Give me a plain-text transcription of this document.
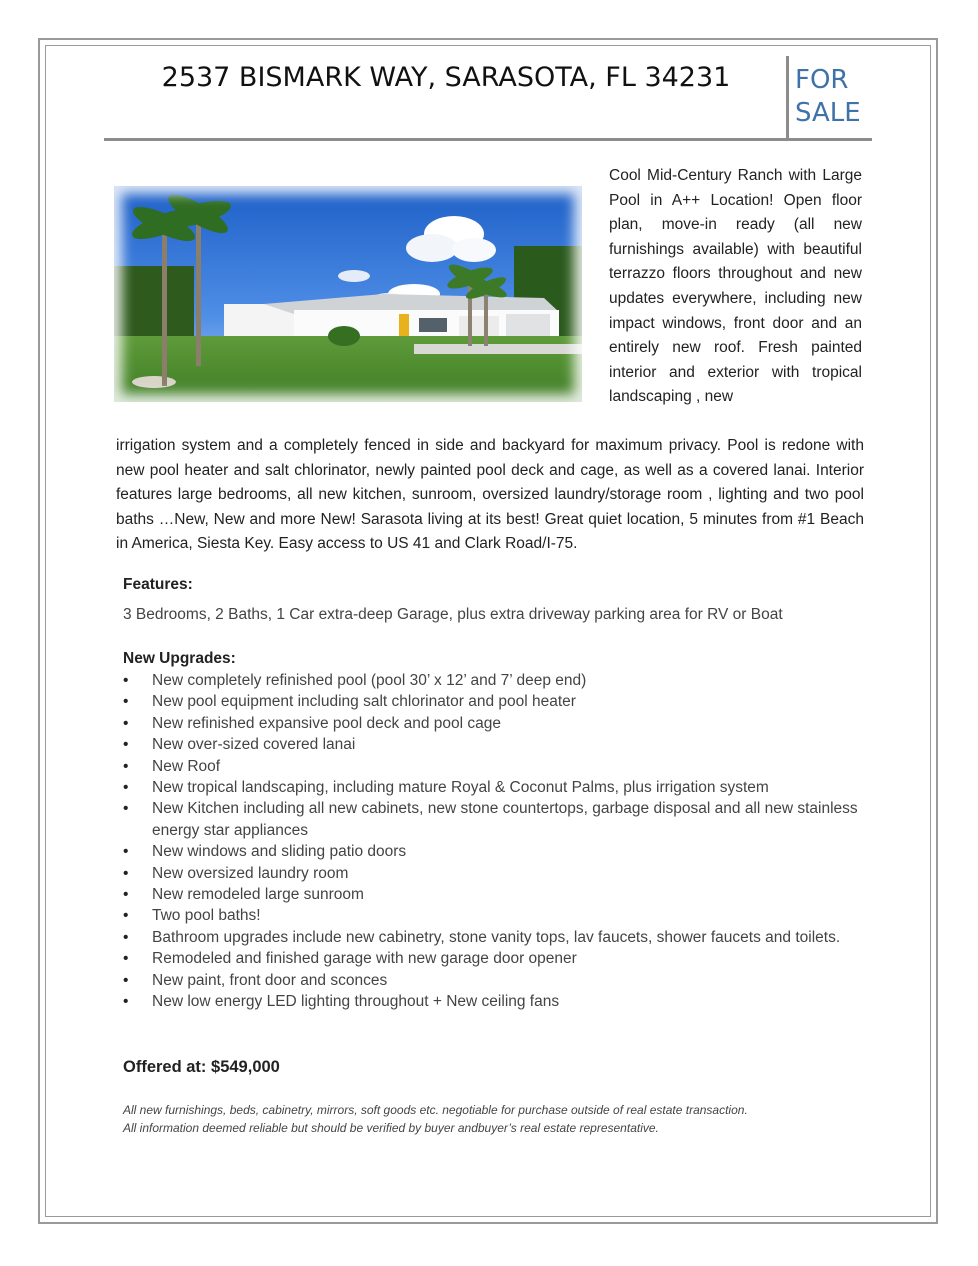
2537 BISMARK WAY, SARASOTA, FL 34231	FOR
SALE
Cool Mid-Century Ranch with Large Pool in A++ Location! Open floor plan, move-in ready (all new furnishings available) with beautiful terrazzo floors throughout and new updates everywhere, including new impact windows, front door and an entirely new roof. Fresh painted interior and exterior with tropical landscaping , new
irrigation system and a completely fenced in side and backyard for maximum privacy. Pool is redone with new pool heater and salt chlorinator, newly painted pool deck and cage, as well as a covered lanai. Interior features large bedrooms, all new kitchen, sunroom, oversized laundry/storage room , lighting and two pool baths …New, New and more New! Sarasota living at its best! Great quiet location, 5 minutes from #1 Beach in America, Siesta Key. Easy access to US 41 and Clark Road/I-75.
Features:
3 Bedrooms, 2 Baths, 1 Car extra-deep Garage, plus extra driveway parking area for RV or Boat
New Upgrades:
• New completely refinished pool (pool 30’ x 12’ and 7’ deep end)
• New pool equipment including salt chlorinator and pool heater
• New refinished expansive pool deck and pool cage
• New over-sized covered lanai
• New Roof
• New tropical landscaping, including mature Royal & Coconut Palms, plus irrigation system
• New Kitchen including all new cabinets, new stone countertops, garbage disposal and all new stainless energy star appliances
• New windows and sliding patio doors
• New oversized laundry room
• New remodeled large sunroom
• Two pool baths!
• Bathroom upgrades include new cabinetry, stone vanity tops, lav faucets, shower faucets and toilets.
• Remodeled and finished garage with new garage door opener
• New paint, front door and sconces
• New low energy LED lighting throughout + New ceiling fans
Offered at: $549,000
All new furnishings, beds, cabinetry, mirrors, soft goods etc. negotiable for purchase outside of real estate transaction.
All information deemed reliable but should be verified by buyer andbuyer’s real estate representative.
